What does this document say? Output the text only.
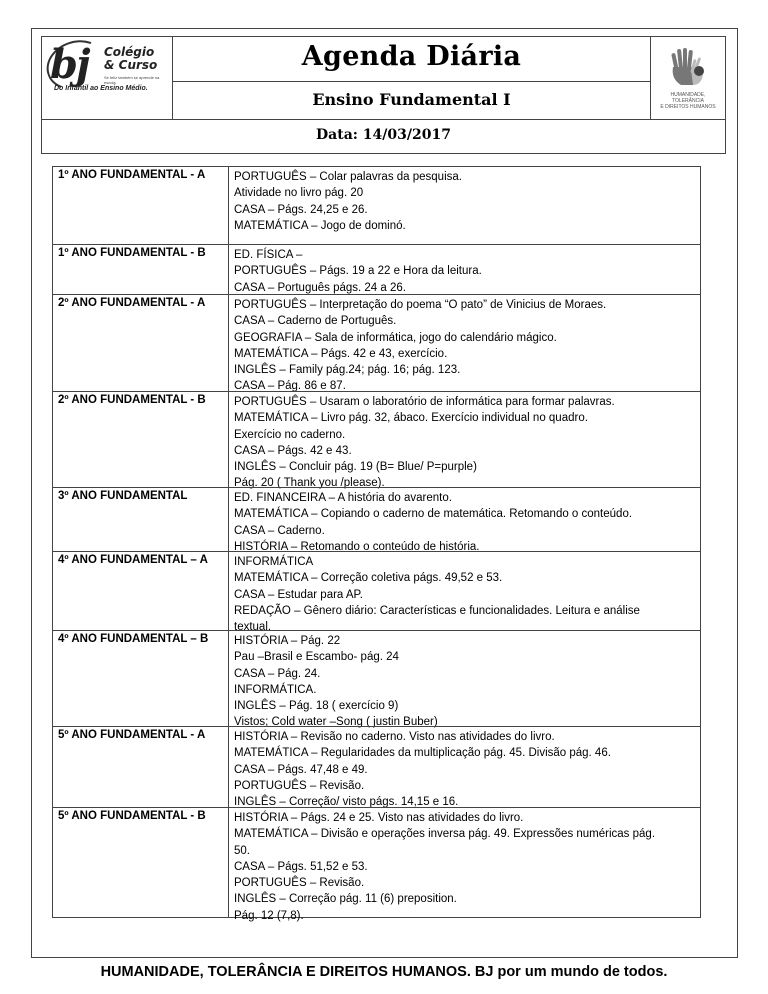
bj Colégio
& Curso
Se feliz também se aprende na escola
Do Infantil ao Ensino Médio.
Agenda Diária
Ensino Fundamental I	HUMANIDADE, TOLERÂNCIA
E DIREITOS HUMANOS
Data: 14/03/2017
1º ANO FUNDAMENTAL - A PORTUGUÊS – Colar palavras da pesquisa.
Atividade no livro pág. 20
CASA – Págs. 24,25 e 26.
MATEMÁTICA – Jogo de dominó.
1º ANO FUNDAMENTAL - B ED. FÍSICA –
PORTUGUÊS – Págs. 19 a 22 e Hora da leitura.
CASA – Português págs. 24 a 26.
2º ANO FUNDAMENTAL - A PORTUGUÊS – Interpretação do poema “O pato” de Vinicius de Moraes.
CASA – Caderno de Português.
GEOGRAFIA – Sala de informática, jogo do calendário mágico.
MATEMÁTICA – Págs. 42 e 43, exercício.
INGLÊS – Family pág.24; pág. 16; pág. 123.
CASA – Pág. 86 e 87.
2º ANO FUNDAMENTAL - B PORTUGUÊS – Usaram o laboratório de informática para formar palavras.
MATEMÁTICA – Livro pág. 32, ábaco. Exercício individual no quadro.
Exercício no caderno.
CASA – Págs. 42 e 43.
INGLÊS – Concluir pág. 19 (B= Blue/ P=purple)
Pág. 20 ( Thank you /please).
3º ANO FUNDAMENTAL	ED. FINANCEIRA – A história do avarento.
MATEMÁTICA – Copiando o caderno de matemática. Retomando o conteúdo.
CASA – Caderno.
HISTÓRIA – Retomando o conteúdo de história.
4º ANO FUNDAMENTAL – A INFORMÁTICA
MATEMÁTICA – Correção coletiva págs. 49,52 e 53.
CASA – Estudar para AP.
REDAÇÃO – Gênero diário: Características e funcionalidades. Leitura e análise
textual.
4º ANO FUNDAMENTAL – B HISTÓRIA – Pág. 22
Pau –Brasil e Escambo- pág. 24
CASA – Pág. 24.
INFORMÁTICA.
INGLÊS – Pág. 18 ( exercício 9)
Vistos; Cold water –Song ( justin Buber)
5º ANO FUNDAMENTAL - A HISTÓRIA – Revisão no caderno. Visto nas atividades do livro.
MATEMÁTICA – Regularidades da multiplicação pág. 45. Divisão pág. 46.
CASA – Págs. 47,48 e 49.
PORTUGUÊS – Revisão.
INGLÊS – Correção/ visto págs. 14,15 e 16.
5º ANO FUNDAMENTAL - B HISTÓRIA – Págs. 24 e 25. Visto nas atividades do livro.
MATEMÁTICA – Divisão e operações inversa pág. 49. Expressões numéricas pág.
50.
CASA – Págs. 51,52 e 53.
PORTUGUÊS – Revisão.
INGLÊS – Correção pág. 11 (6) preposition.
Pág. 12 (7,8).
HUMANIDADE, TOLERÂNCIA E DIREITOS HUMANOS. BJ por um mundo de todos.
